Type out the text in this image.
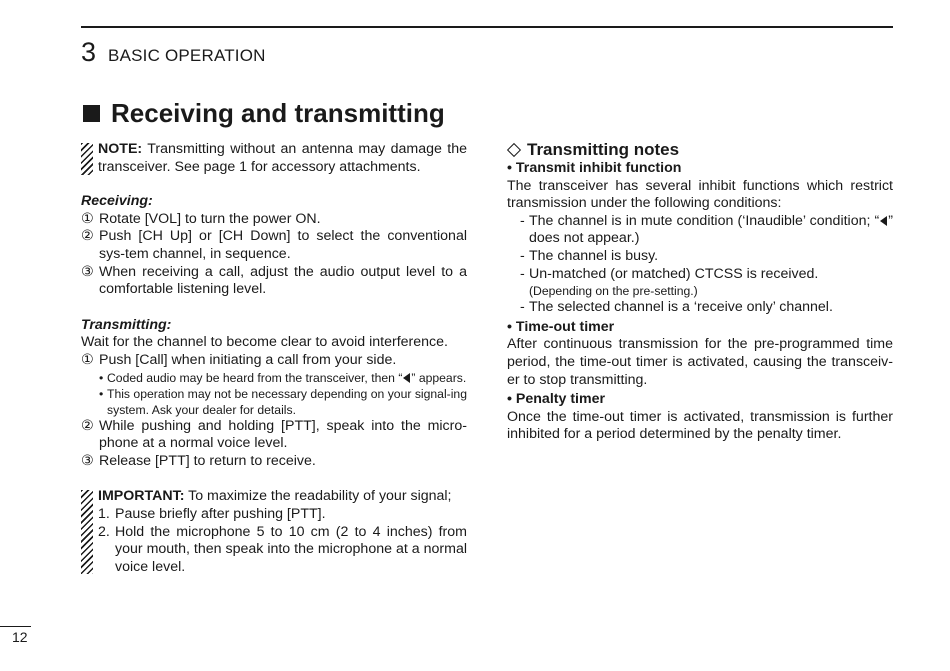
3 BASIC OPERATION
Receiving and transmitting
NOTE: Transmitting without an antenna may damage the transceiver. See page 1 for accessory attachments.
Receiving:
① Rotate [VOL] to turn the power ON.
② Push [CH Up] or [CH Down] to select the conventional sys-tem channel, in sequence.
③ When receiving a call, adjust the audio output level to a comfortable listening level.
Transmitting:
Wait for the channel to become clear to avoid interference.
① Push [Call] when initiating a call from your side.
• Coded audio may be heard from the transceiver, then “ ” appears.
• This operation may not be necessary depending on your signal-ing system. Ask your dealer for details.
② While pushing and holding [PTT], speak into the micro-phone at a normal voice level.
③ Release [PTT] to return to receive.
IMPORTANT: To maximize the readability of your signal;
1. Pause briefly after pushing [PTT].
2. Hold the microphone 5 to 10 cm (2 to 4 inches) from your mouth, then speak into the microphone at a normal voice level.
Transmitting notes
• Transmit inhibit function
The transceiver has several inhibit functions which restrict transmission under the following conditions:
- The channel is in mute condition (‘Inaudible’ condition; “ ” does not appear.)
- The channel is busy.
- Un-matched (or matched) CTCSS is received.
(Depending on the pre-setting.)
- The selected channel is a ‘receive only’ channel.
• Time-out timer
After continuous transmission for the pre-programmed time period, the time-out timer is activated, causing the transceiv-er to stop transmitting.
• Penalty timer
Once the time-out timer is activated, transmission is further inhibited for a period determined by the penalty timer.
12
